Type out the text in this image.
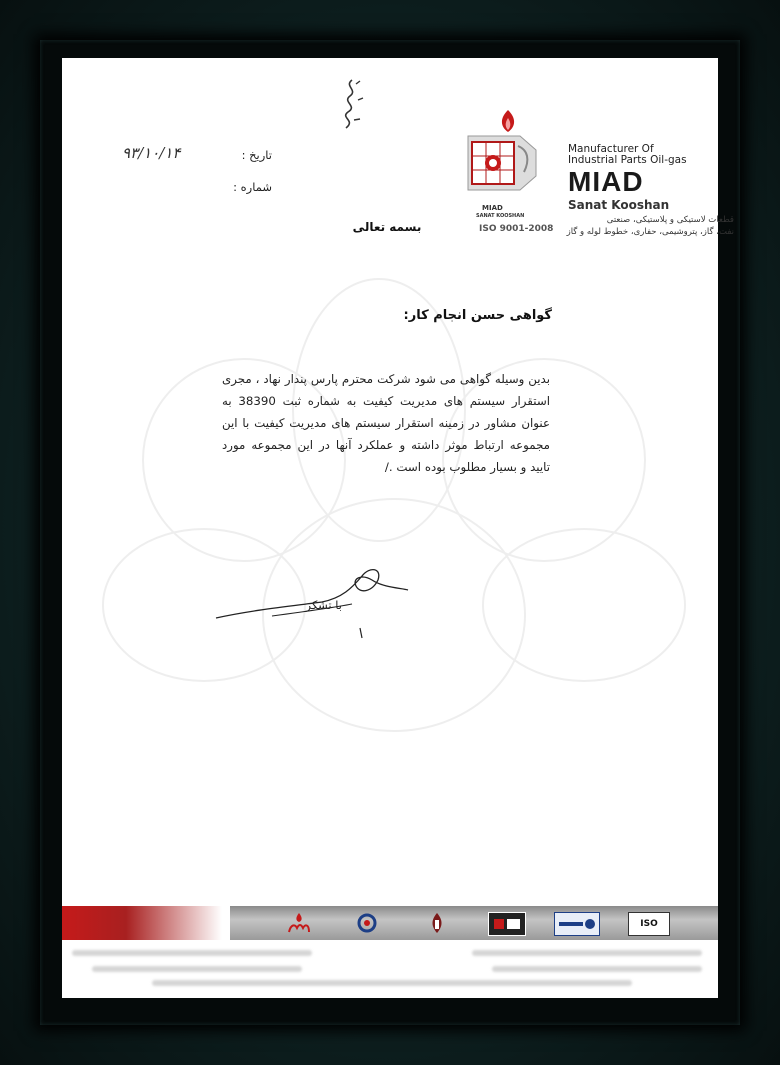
تاریخ :
۹۳/۱۰/۱۴
شماره :
MIAD
SANAT KOOSHAN
Manufacturer Of
Industrial Parts Oil-gas
MIAD
Sanat Kooshan
قطعات لاستیکی و پلاستیکی، صنعتی
نفت، گاز، پتروشیمی، حفاری، خطوط لوله و گاز
ISO 9001-2008
بسمه تعالی
گواهی حسن انجام کار:
بدین وسیله گواهی می شود شرکت محترم پارس پندار نهاد ، مجری استقرار سیستم های مدیریت کیفیت به شماره ثبت 38390 به عنوان مشاور در زمینه استقرار سیستم های مدیریت کیفیت با این مجموعه ارتباط موثر داشته و عملکرد آنها در این مجموعه مورد تایید و بسیار مطلوب بوده است ./
با تشکر
ISO
